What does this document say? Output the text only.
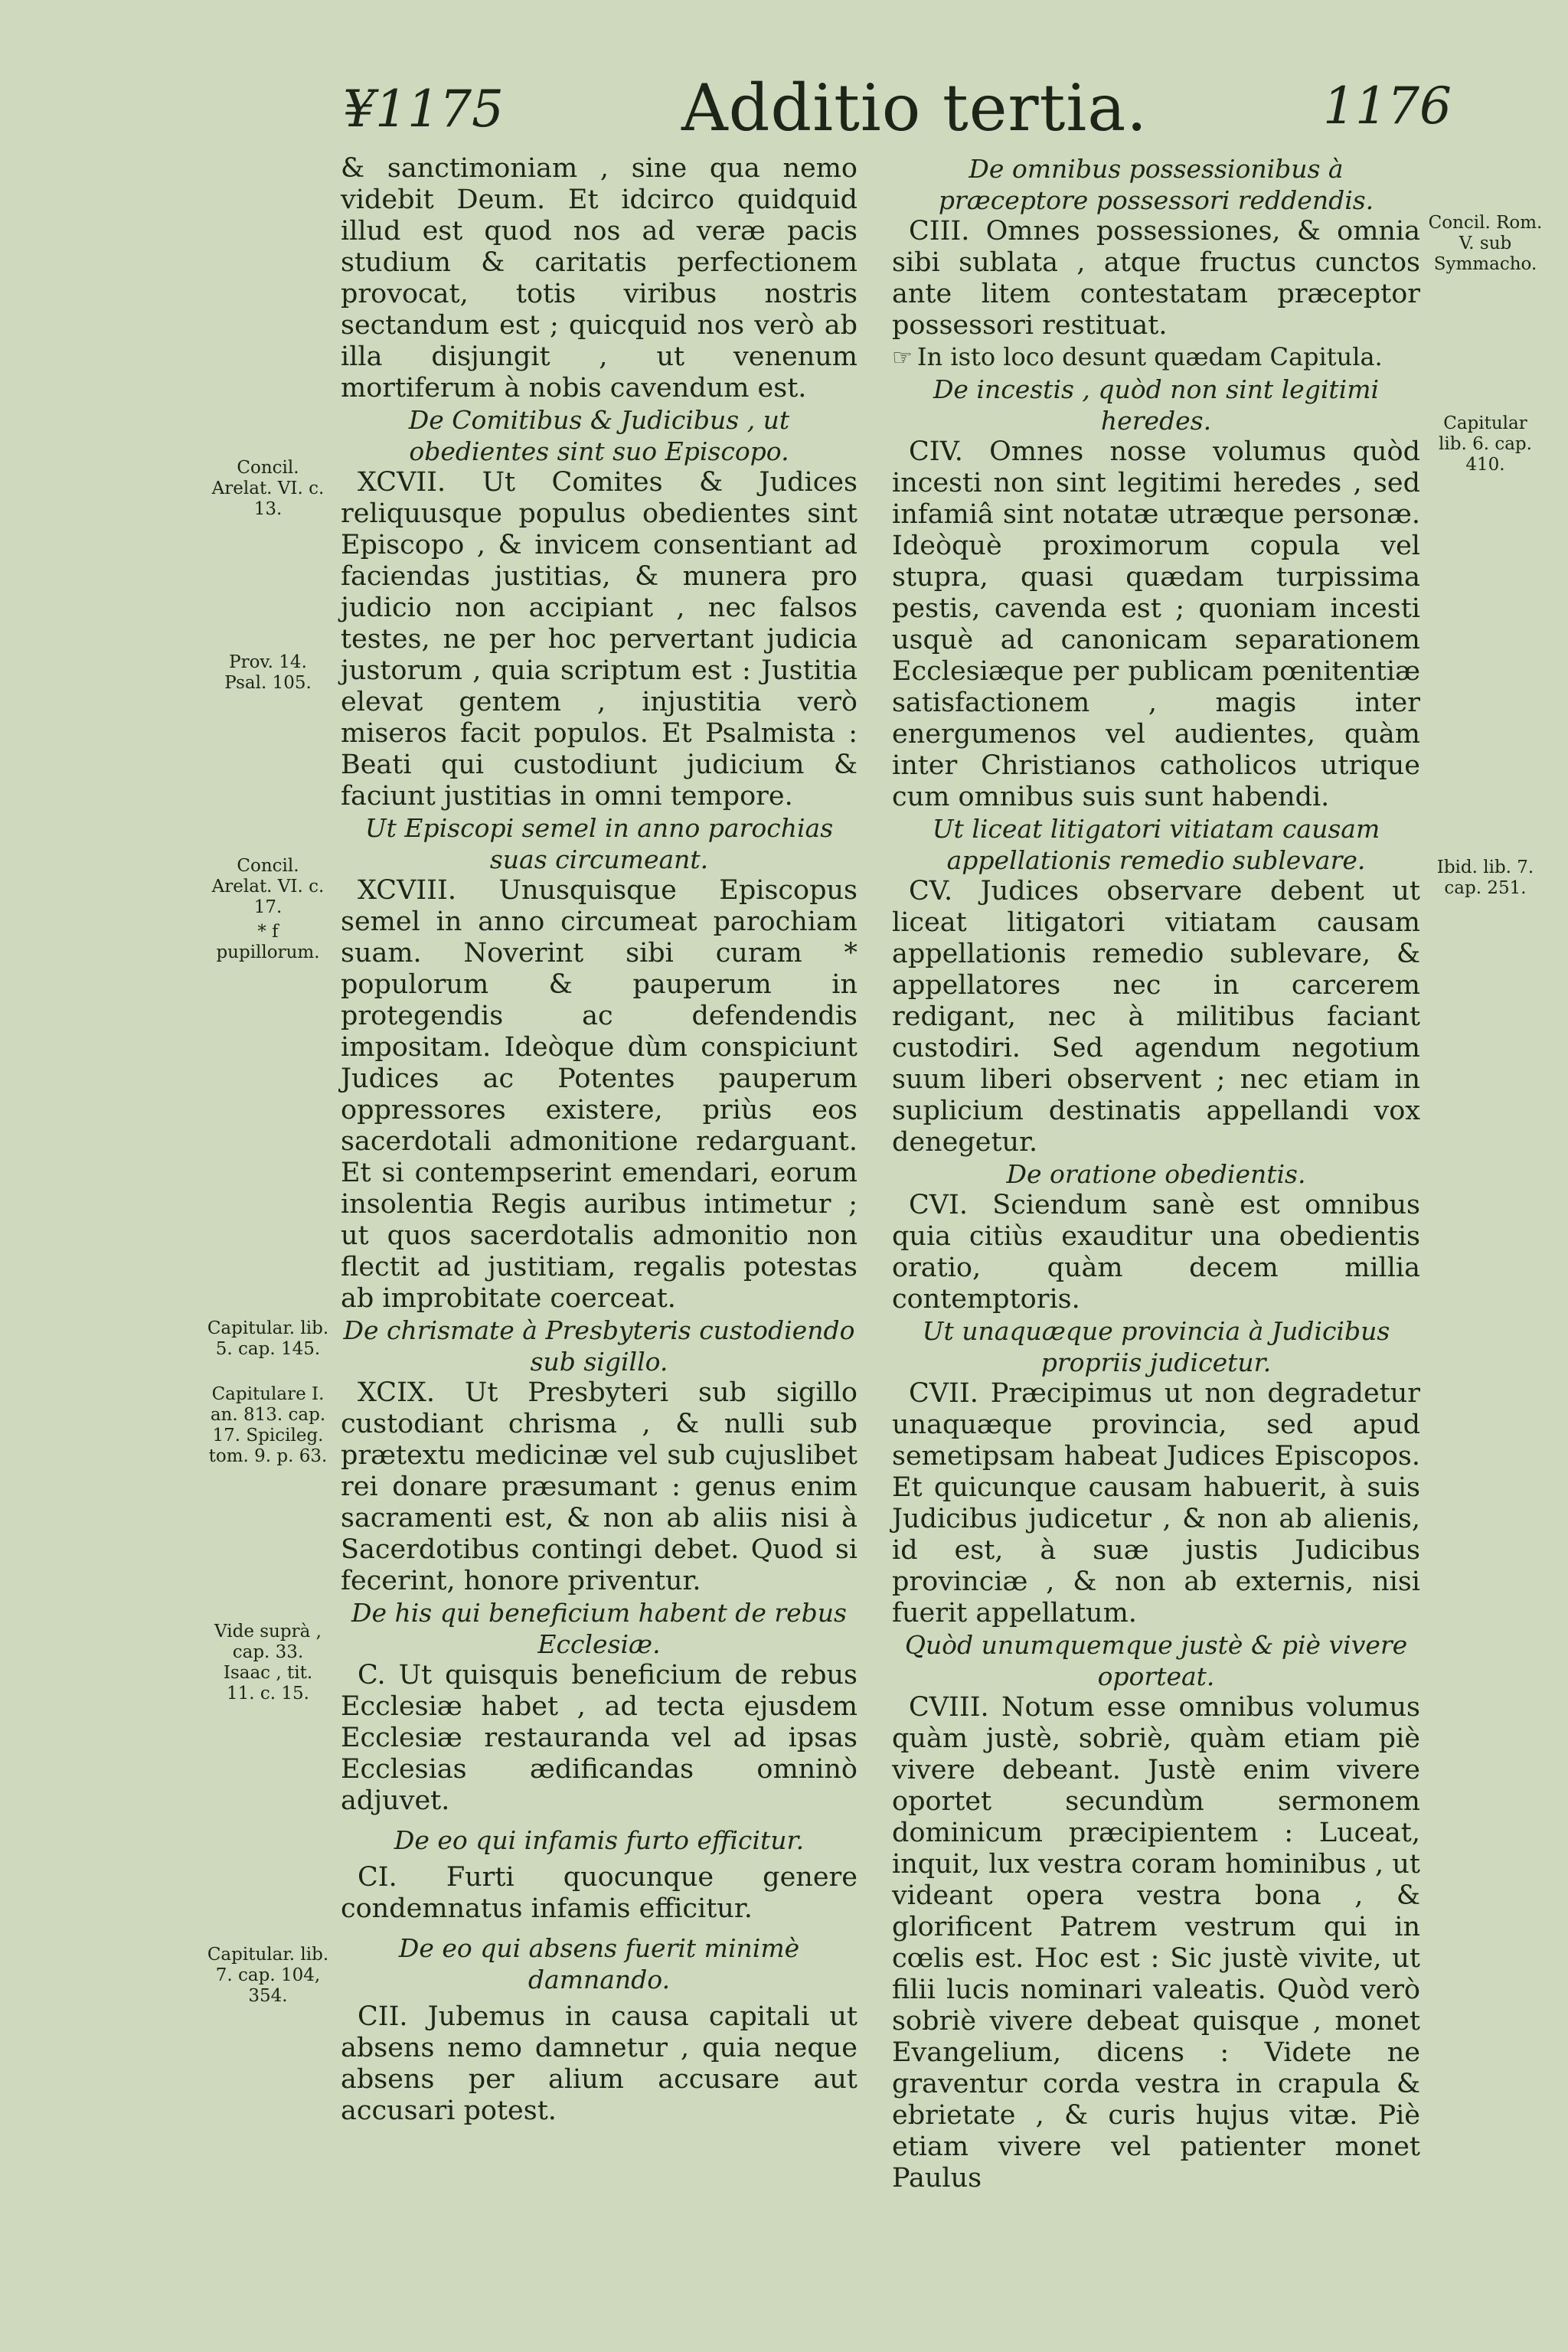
¥1175	Additio tertia.	1176

& sanctimoniam , sine qua nemo videbit Deum. Et idcirco quidquid illud est quod nos ad veræ pacis studium & caritatis perfectionem provocat, totis viribus nostris sectandum est ; quicquid nos verò ab illa disjungit , ut venenum mortiferum à nobis cavendum est.

De Comitibus & Judicibus , ut obedientes sint suo Episcopo.

XCVII. Ut Comites & Judices reliquusque populus obedientes sint Episcopo , & invicem consentiant ad faciendas justitias, & munera pro judicio non accipiant , nec falsos testes, ne per hoc pervertant judicia justorum , quia scriptum est : Justitia elevat gentem , injustitia verò miseros facit populos. Et Psalmista : Beati qui custodiunt judicium & faciunt justitias in omni tempore.

Ut Episcopi semel in anno parochias suas circumeant.

XCVIII. Unusquisque Episcopus semel in anno circumeat parochiam suam. Noverint sibi curam * populorum & pauperum in protegendis ac defendendis impositam. Ideòque dùm conspiciunt Judices ac Potentes pauperum oppressores existere, priùs eos sacerdotali admonitione redarguant. Et si contempserint emendari, eorum insolentia Regis auribus intimetur ; ut quos sacerdotalis admonitio non flectit ad justitiam, regalis potestas ab improbitate coerceat.

De chrismate à Presbyteris custodiendo sub sigillo.

XCIX. Ut Presbyteri sub sigillo custodiant chrisma , & nulli sub prætextu medicinæ vel sub cujuslibet rei donare præsumant : genus enim sacramenti est, & non ab aliis nisi à Sacerdotibus contingi debet. Quod si fecerint, honore priventur.

De his qui beneficium habent de rebus Ecclesiæ.

C. Ut quisquis beneficium de rebus Ecclesiæ habet , ad tecta ejusdem Ecclesiæ restauranda vel ad ipsas Ecclesias ædificandas omninò adjuvet.

De eo qui infamis furto efficitur.

CI. Furti quocunque genere condemnatus infamis efficitur.

De eo qui absens fuerit minimè damnando.

CII. Jubemus in causa capitali ut absens nemo damnetur , quia neque absens per alium accusare aut accusari potest.

De omnibus possessionibus à præceptore possessori reddendis.

CIII. Omnes possessiones, & omnia sibi sublata , atque fructus cunctos ante litem contestatam præceptor possessori restituat.

☞ In isto loco desunt quædam Capitula.
De incestis , quòd non sint legitimi heredes.

CIV. Omnes nosse volumus quòd incesti non sint legitimi heredes , sed infamiâ sint notatæ utræque personæ. Ideòquè proximorum copula vel stupra, quasi quædam turpissima pestis, cavenda est ; quoniam incesti usquè ad canonicam separationem Ecclesiæque per publicam pœnitentiæ satisfactionem , magis inter energumenos vel audientes, quàm inter Christianos catholicos utrique cum omnibus suis sunt habendi.

Ut liceat litigatori vitiatam causam appellationis remedio sublevare.

CV. Judices observare debent ut liceat litigatori vitiatam causam appellationis remedio sublevare, & appellatores nec in carcerem redigant, nec à militibus faciant custodiri. Sed agendum negotium suum liberi observent ; nec etiam in suplicium destinatis appellandi vox denegetur.

De oratione obedientis.

CVI. Sciendum sanè est omnibus quia citiùs exauditur una obedientis oratio, quàm decem millia contemptoris.

Ut unaquæque provincia à Judicibus propriis judicetur.

CVII. Præcipimus ut non degradetur unaquæque provincia, sed apud semetipsam habeat Judices Episcopos. Et quicunque causam habuerit, à suis Judicibus judicetur , & non ab alienis, id est, à suæ justis Judicibus provinciæ , & non ab externis, nisi fuerit appellatum.

Quòd unumquemque justè & piè vivere oporteat.

CVIII. Notum esse omnibus volumus quàm justè, sobriè, quàm etiam piè vivere debeant. Justè enim vivere oportet secundùm sermonem dominicum præcipientem : Luceat, inquit, lux vestra coram hominibus , ut videant opera vestra bona , & glorificent Patrem vestrum qui in cœlis est. Hoc est : Sic justè vivite, ut filii lucis nominari valeatis. Quòd verò sobriè vivere debeat quisque , monet Evangelium, dicens : Videte ne graventur corda vestra in crapula & ebrietate , & curis hujus vitæ. Piè etiam vivere vel patienter monet Paulus

Concil. Arelat. VI. c. 13.
Prov. 14. Psal. 105.
Concil. Arelat. VI. c. 17.
* f pupillorum.
Capitular. lib. 5. cap. 145.
Capitulare I. an. 813. cap. 17. Spicileg. tom. 9. p. 63.
Vide suprà , cap. 33. Isaac , tit. 11. c. 15.
Capitular. lib. 7. cap. 104, 354.
Concil. Rom. V. sub Symmacho.
Capitular lib. 6. cap. 410.
Ibid. lib. 7. cap. 251.
